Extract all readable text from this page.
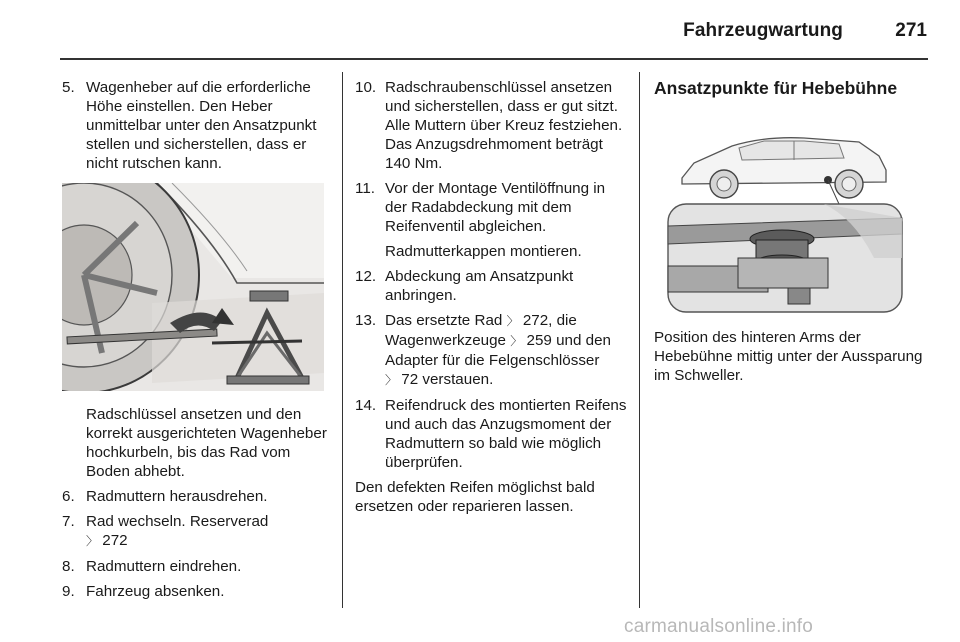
Fahrzeugwartung	271
5. Wagenheber auf die erforderliche Höhe einstellen. Den Heber unmittelbar unter den Ansatzpunkt stellen und sicherstellen, dass er nicht rutschen kann.
Radschlüssel ansetzen und den korrekt ausgerichteten Wagenheber hochkurbeln, bis das Rad vom Boden abhebt.
6. Radmuttern herausdrehen.
7. Rad wechseln. Reserverad
〉 272
8. Radmuttern eindrehen.
9. Fahrzeug absenken.
10. Radschraubenschlüssel ansetzen und sicherstellen, dass er gut sitzt. Alle Muttern über Kreuz festziehen. Das Anzugsdrehmoment beträgt 140 Nm.
11. Vor der Montage Ventilöffnung in der Radabdeckung mit dem Reifenventil abgleichen.
Radmutterkappen montieren.
12. Abdeckung am Ansatzpunkt anbringen.
13. Das ersetzte Rad 〉 272, die Wagenwerkzeuge 〉 259 und den Adapter für die Felgenschlösser
〉 72 verstauen.
14. Reifendruck des montierten Reifens und auch das Anzugsmoment der Radmuttern so bald wie möglich überprüfen.
Den defekten Reifen möglichst bald ersetzen oder reparieren lassen.
Ansatzpunkte für Hebebühne
Position des hinteren Arms der Hebebühne mittig unter der Aussparung im Schweller.
carmanualsonline.info
